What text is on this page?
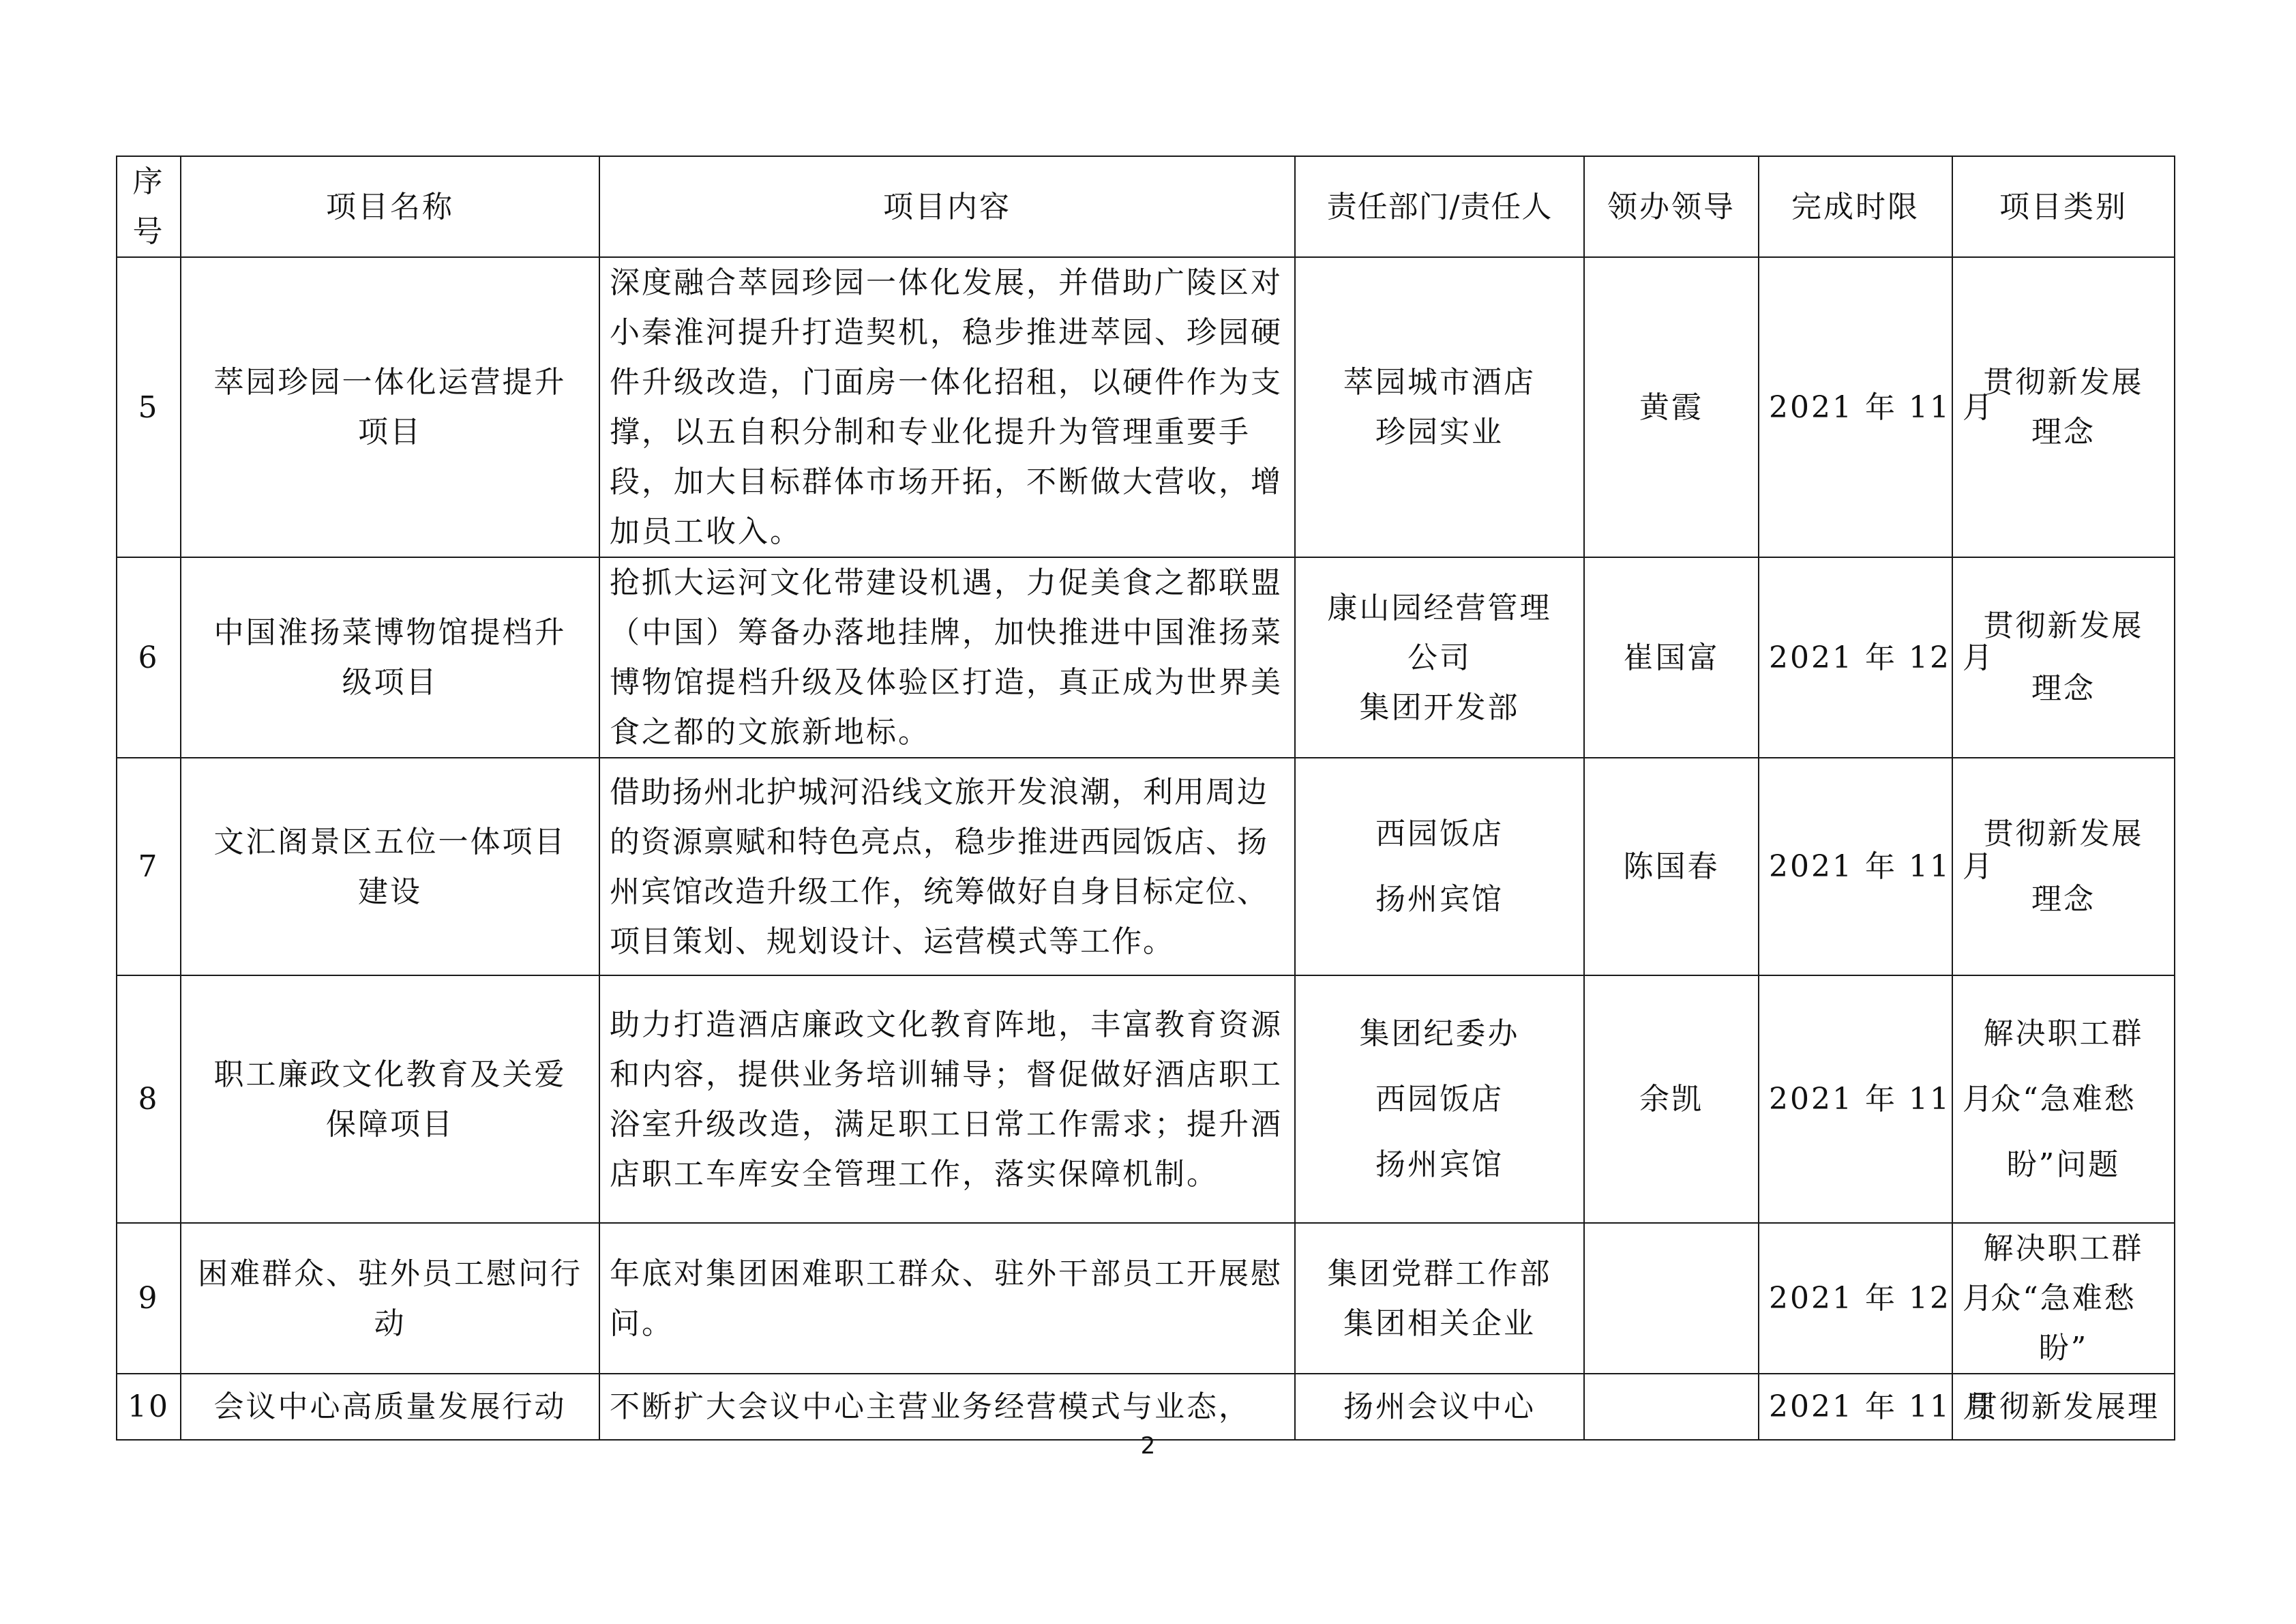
序号	项目名称	项目内容	责任部门/责任人	领办领导	完成时限	项目类别
5	萃园珍园一体化运营提升项目	深度融合萃园珍园一体化发展，并借助广陵区对小秦淮河提升打造契机，稳步推进萃园、珍园硬件升级改造，门面房一体化招租，以硬件作为支撑，以五自积分制和专业化提升为管理重要手段，加大目标群体市场开拓，不断做大营收，增加员工收入。	萃园城市酒店
珍园实业	黄霞	2021 年 11 月	贯彻新发展理念
6	中国淮扬菜博物馆提档升级项目	抢抓大运河文化带建设机遇，力促美食之都联盟（中国）筹备办落地挂牌，加快推进中国淮扬菜博物馆提档升级及体验区打造，真正成为世界美食之都的文旅新地标。	康山园经营管理
公司
集团开发部	崔国富	2021 年 12 月	贯彻新发展理念
7	文汇阁景区五位一体项目建设	借助扬州北护城河沿线文旅开发浪潮，利用周边的资源禀赋和特色亮点，稳步推进西园饭店、扬州宾馆改造升级工作，统筹做好自身目标定位、项目策划、规划设计、运营模式等工作。	西园饭店
扬州宾馆	陈国春	2021 年 11 月	贯彻新发展理念
8	职工廉政文化教育及关爱保障项目	助力打造酒店廉政文化教育阵地，丰富教育资源和内容，提供业务培训辅导；督促做好酒店职工浴室升级改造，满足职工日常工作需求；提升酒店职工车库安全管理工作，落实保障机制。	集团纪委办
西园饭店
扬州宾馆	余凯	2021 年 11 月	解决职工群众“急难愁盼”问题
9	困难群众、驻外员工慰问行动	年底对集团困难职工群众、驻外干部员工开展慰问。	集团党群工作部
集团相关企业		2021 年 12 月	解决职工群众“急难愁盼”
10	会议中心高质量发展行动	不断扩大会议中心主营业务经营模式与业态，	扬州会议中心		2021 年 11 月	贯彻新发展理
2
